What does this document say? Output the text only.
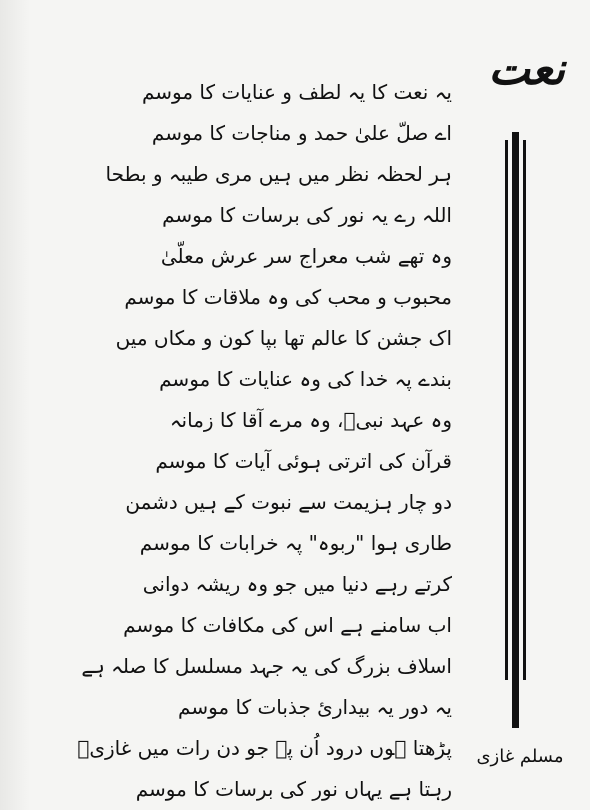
نعت
یہ نعت کا یہ لطف و عنایات کا موسم
اے صلّ علیٰ حمد و مناجات کا موسم
ہر لحظہ نظر میں ہیں مری طیبہ و بطحا
اللہ رے یہ نور کی برسات کا موسم
وہ تھے شب معراج سر عرش معلّیٰ
محبوب و محب کی وہ ملاقات کا موسم
اک جشن کا عالم تھا بپا کون و مکاں میں
بندے پہ خدا کی وہ عنایات کا موسم
وہ عہد نبیؐ، وہ مرے آقا کا زمانہ
قرآن کی اترتی ہوئی آیات کا موسم
دو چار ہزیمت سے نبوت کے ہیں دشمن
طاری ہوا "ربوہ" پہ خرابات کا موسم
کرتے رہے دنیا میں جو وہ ریشہ دوانی
اب سامنے ہے اس کی مکافات کا موسم
اسلاف بزرگ کی یہ جہد مسلسل کا صلہ ہے
یہ دور یہ بیداریٔ جذبات کا موسم
پڑھتا ہوں درود اُن پہ جو دن رات میں غازیؔ
رہتا ہے یہاں نور کی برسات کا موسم
مسلم غازی
